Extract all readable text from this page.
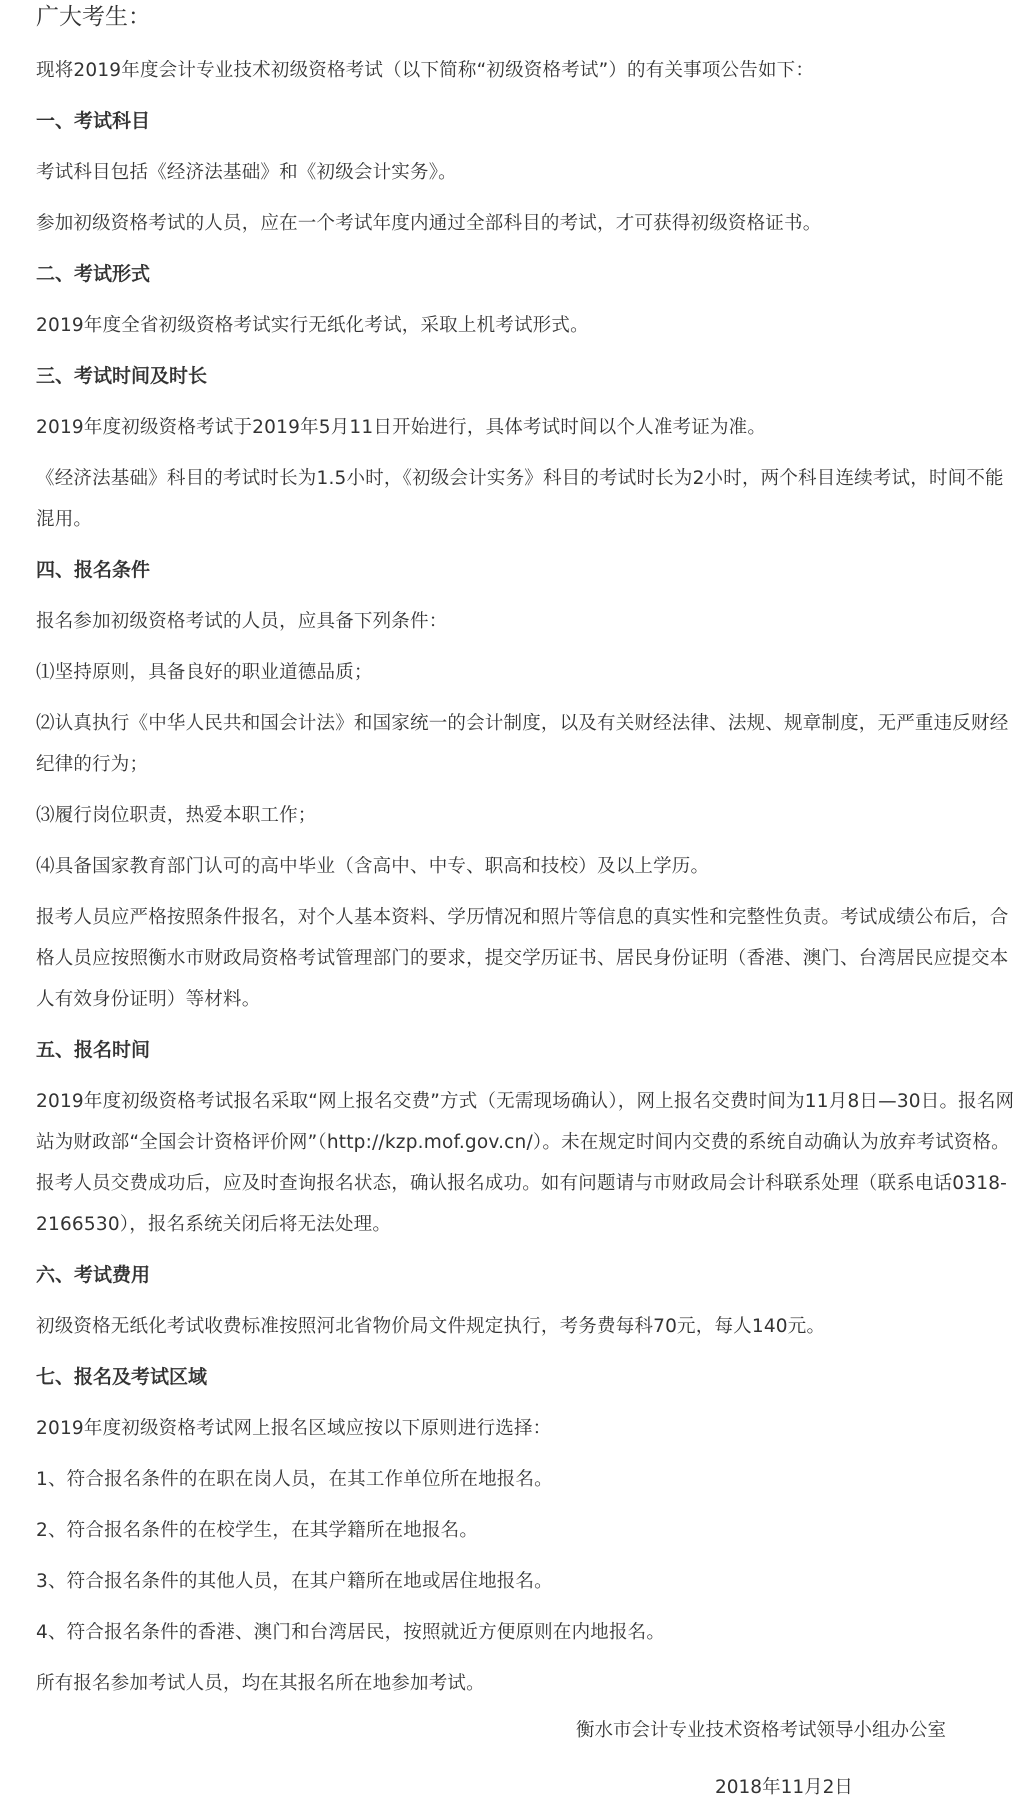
广大考生：

现将2019年度会计专业技术初级资格考试（以下简称“初级资格考试”）的有关事项公告如下：

一、考试科目

考试科目包括《经济法基础》和《初级会计实务》。

参加初级资格考试的人员，应在一个考试年度内通过全部科目的考试，才可获得初级资格证书。

二、考试形式

2019年度全省初级资格考试实行无纸化考试，采取上机考试形式。

三、考试时间及时长

2019年度初级资格考试于2019年5月11日开始进行，具体考试时间以个人准考证为准。

《经济法基础》科目的考试时长为1.5小时，《初级会计实务》科目的考试时长为2小时，两个科目连续考试，时间不能混用。

四、报名条件

报名参加初级资格考试的人员，应具备下列条件：

⑴坚持原则，具备良好的职业道德品质；

⑵认真执行《中华人民共和国会计法》和国家统一的会计制度，以及有关财经法律、法规、规章制度，无严重违反财经纪律的行为；

⑶履行岗位职责，热爱本职工作；

⑷具备国家教育部门认可的高中毕业（含高中、中专、职高和技校）及以上学历。

报考人员应严格按照条件报名，对个人基本资料、学历情况和照片等信息的真实性和完整性负责。考试成绩公布后，合格人员应按照衡水市财政局资格考试管理部门的要求，提交学历证书、居民身份证明（香港、澳门、台湾居民应提交本人有效身份证明）等材料。

五、报名时间

2019年度初级资格考试报名采取“网上报名交费”方式（无需现场确认），网上报名交费时间为11月8日—30日。报名网站为财政部“全国会计资格评价网”（http://kzp.mof.gov.cn/）。未在规定时间内交费的系统自动确认为放弃考试资格。报考人员交费成功后，应及时查询报名状态，确认报名成功。如有问题请与市财政局会计科联系处理（联系电话0318-2166530），报名系统关闭后将无法处理。

六、考试费用

初级资格无纸化考试收费标准按照河北省物价局文件规定执行，考务费每科70元，每人140元。

七、报名及考试区域

2019年度初级资格考试网上报名区域应按以下原则进行选择：

1、符合报名条件的在职在岗人员，在其工作单位所在地报名。

2、符合报名条件的在校学生，在其学籍所在地报名。

3、符合报名条件的其他人员，在其户籍所在地或居住地报名。

4、符合报名条件的香港、澳门和台湾居民，按照就近方便原则在内地报名。

所有报名参加考试人员，均在其报名所在地参加考试。

衡水市会计专业技术资格考试领导小组办公室
2018年11月2日
